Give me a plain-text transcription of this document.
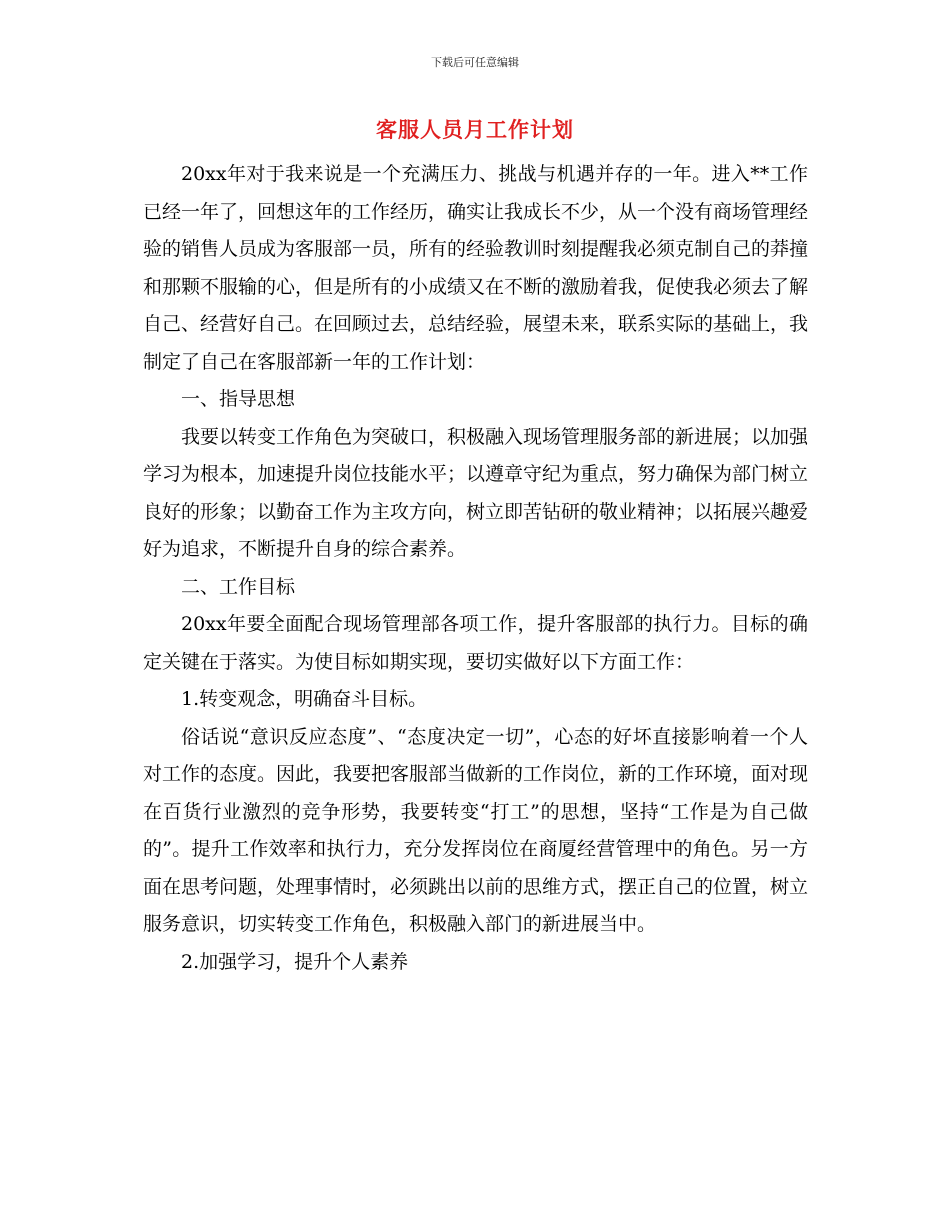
下载后可任意编辑
客服人员月工作计划

20xx年对于我来说是一个充满压力、挑战与机遇并存的一年。进入**工作已经一年了，回想这年的工作经历，确实让我成长不少，从一个没有商场管理经验的销售人员成为客服部一员，所有的经验教训时刻提醒我必须克制自己的莽撞和那颗不服输的心，但是所有的小成绩又在不断的激励着我，促使我必须去了解自己、经营好自己。在回顾过去，总结经验，展望未来，联系实际的基础上，我制定了自己在客服部新一年的工作计划：

一、指导思想

我要以转变工作角色为突破口，积极融入现场管理服务部的新进展；以加强学习为根本，加速提升岗位技能水平；以遵章守纪为重点，努力确保为部门树立良好的形象；以勤奋工作为主攻方向，树立即苦钻研的敬业精神；以拓展兴趣爱好为追求，不断提升自身的综合素养。

二、工作目标

20xx年要全面配合现场管理部各项工作，提升客服部的执行力。目标的确定关键在于落实。为使目标如期实现，要切实做好以下方面工作：

1.转变观念，明确奋斗目标。

俗话说“意识反应态度”、“态度决定一切”，心态的好坏直接影响着一个人对工作的态度。因此，我要把客服部当做新的工作岗位，新的工作环境，面对现在百货行业激烈的竞争形势，我要转变“打工”的思想，坚持“工作是为自己做的”。提升工作效率和执行力，充分发挥岗位在商厦经营管理中的角色。另一方面在思考问题，处理事情时，必须跳出以前的思维方式，摆正自己的位置，树立服务意识，切实转变工作角色，积极融入部门的新进展当中。

2.加强学习，提升个人素养
